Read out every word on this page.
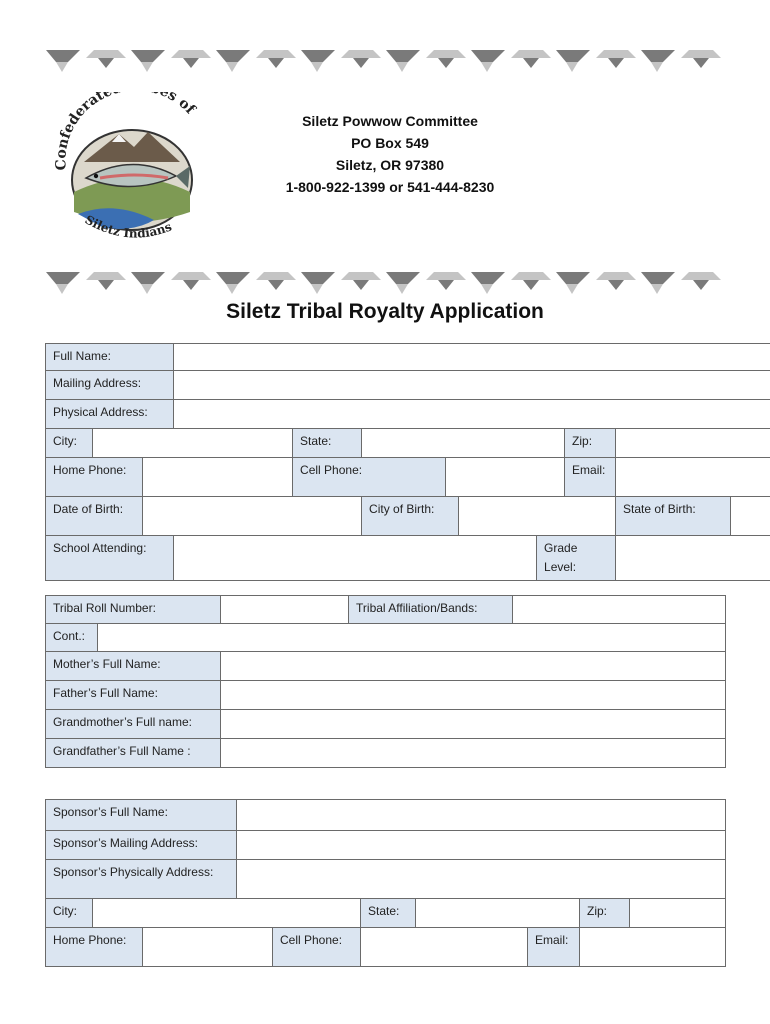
Confederate es of
Siletz Indians
Siletz Powwow Committee
PO Box 549
Siletz, OR 97380
1-800-922-1399 or 541-444-8230
Siletz Tribal Royalty Application
Full Name:											
Mailing Address:											
Physical Address:											
City:				State:					Zip:		
Home Phone:				Cell Phone:					Email:		
Date of Birth:					City of Birth:					State of Birth:	
School Attending:								Grade Level:			
Tribal Roll Number:			Tribal Affiliation/Bands:	
Cont.:				
Mother’s Full Name:				
Father’s Full Name:				
Grandmother’s Full name:				
Grandfather’s Full Name :				
Sponsor’s Full Name:									
Sponsor’s Mailing Address:									
Sponsor’s Physically Address:									
City:					State:			Zip:	
Home Phone:				Cell Phone:			Email:		
